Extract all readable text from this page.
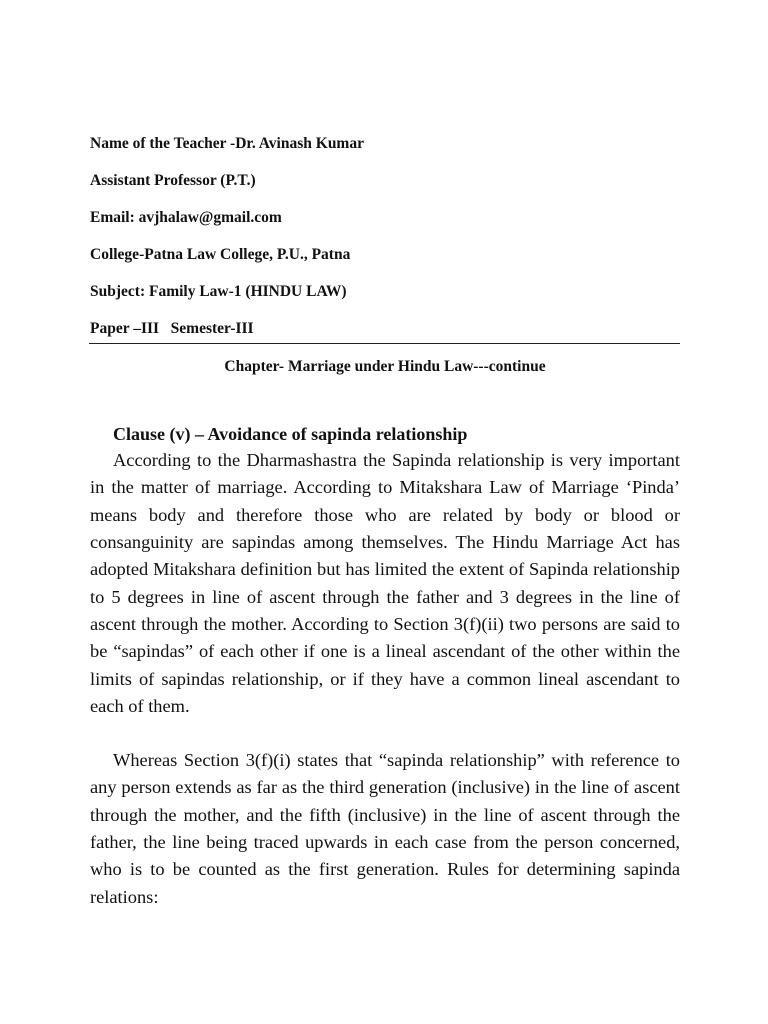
Name of the Teacher -Dr. Avinash Kumar
Assistant Professor (P.T.)
Email: avjhalaw@gmail.com
College-Patna Law College, P.U., Patna
Subject: Family Law-1 (HINDU LAW)
Paper –III   Semester-III
Chapter- Marriage under Hindu Law---continue
Clause (v) – Avoidance of sapinda relationship

According to the Dharmashastra the Sapinda relationship is very important in the matter of marriage. According to Mitakshara Law of Marriage ‘Pinda’ means body and therefore those who are related by body or blood or consanguinity are sapindas among themselves. The Hindu Marriage Act has adopted Mitakshara definition but has limited the extent of Sapinda relationship to 5 degrees in line of ascent through the father and 3 degrees in the line of ascent through the mother. According to Section 3(f)(ii) two persons are said to be “sapindas” of each other if one is a lineal ascendant of the other within the limits of sapindas relationship, or if they have a common lineal ascendant to each of them.

Whereas Section 3(f)(i) states that “sapinda relationship” with reference to any person extends as far as the third generation (inclusive) in the line of ascent through the mother, and the fifth (inclusive) in the line of ascent through the father, the line being traced upwards in each case from the person concerned, who is to be counted as the first generation. Rules for determining sapinda relations:
